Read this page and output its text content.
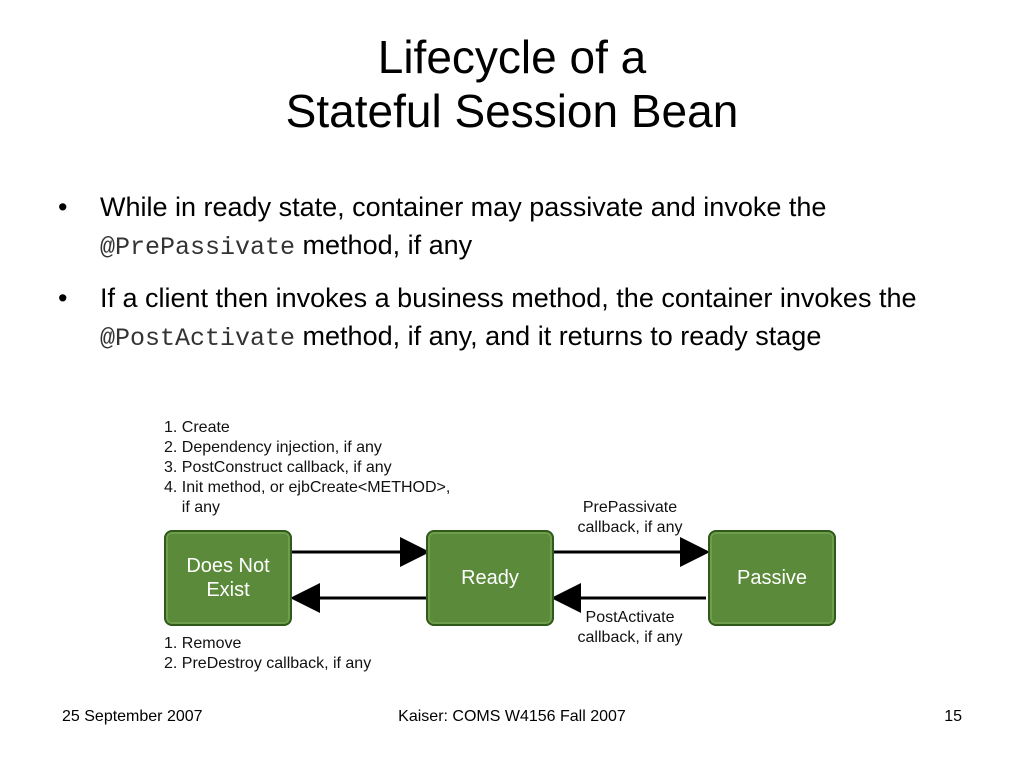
Lifecycle of a
Stateful Session Bean
• While in ready state, container may passivate and invoke the @PrePassivate method, if any
• If a client then invokes a business method, the container invokes the @PostActivate method, if any, and it returns to ready stage
1. Create
2. Dependency injection, if any
3. PostConstruct callback, if any
4. Init method, or ejbCreate<METHOD>,
if any
Does Not
Exist
Ready	Passive
PrePassivate
callback, if any
PostActivate
callback, if any
1. Remove
2. PreDestroy callback, if any
25 September 2007	Kaiser: COMS W4156 Fall 2007	15
